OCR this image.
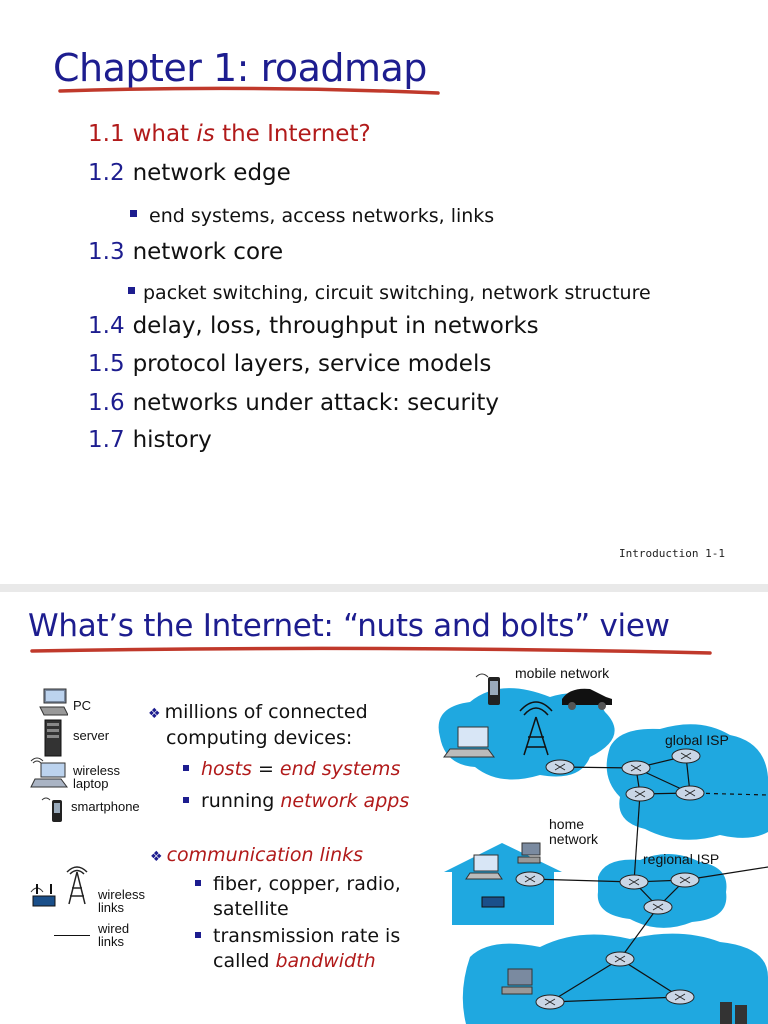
Chapter 1: roadmap
1.1 what is the Internet?
1.2 network edge
end systems, access networks, links
1.3 network core
packet switching, circuit switching, network structure
1.4 delay, loss, throughput in networks
1.5 protocol layers, service models
1.6 networks under attack: security
1.7 history
Introduction 1-1
What’s the Internet: “nuts and bolts” view
PC
server
wireless
laptop
smartphone
wireless
links
wired
links
❖ millions of connected
computing devices:
hosts = end systems
running network apps
❖ communication links
fiber, copper, radio,
satellite
transmission rate is
called bandwidth
mobile network
global ISP
home
network
regional ISP
